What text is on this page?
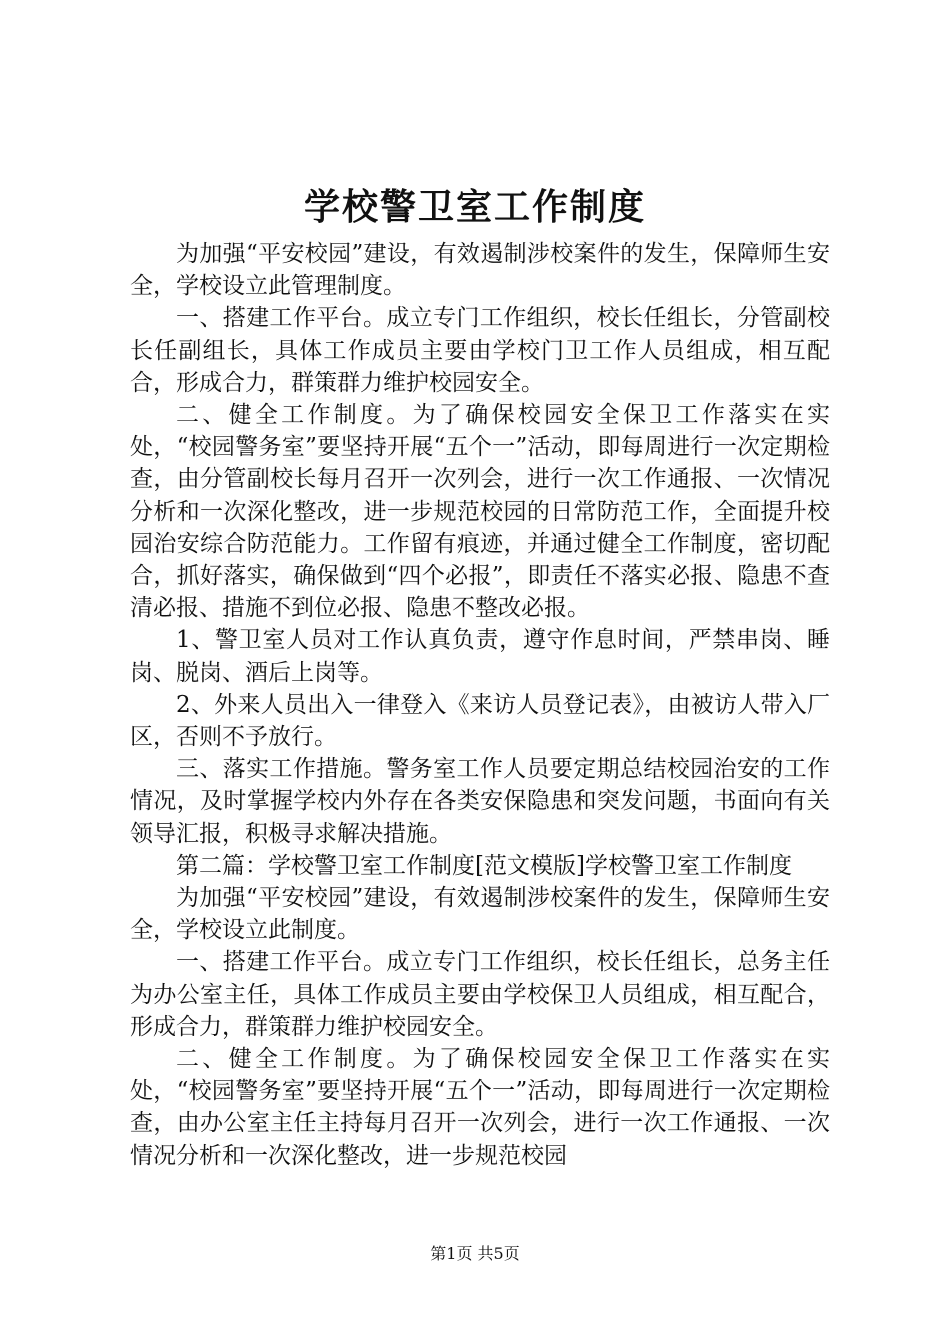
学校警卫室工作制度

为加强“平安校园”建设，有效遏制涉校案件的发生，保障师生安全，学校设立此管理制度。

一、搭建工作平台。成立专门工作组织，校长任组长，分管副校长任副组长，具体工作成员主要由学校门卫工作人员组成，相互配合，形成合力，群策群力维护校园安全。

二、健全工作制度。为了确保校园安全保卫工作落实在实处，“校园警务室”要坚持开展“五个一”活动，即每周进行一次定期检查，由分管副校长每月召开一次列会，进行一次工作通报、一次情况分析和一次深化整改，进一步规范校园的日常防范工作，全面提升校园治安综合防范能力。工作留有痕迹，并通过健全工作制度，密切配合，抓好落实，确保做到“四个必报”，即责任不落实必报、隐患不查清必报、措施不到位必报、隐患不整改必报。

1、警卫室人员对工作认真负责，遵守作息时间，严禁串岗、睡岗、脱岗、酒后上岗等。

2、外来人员出入一律登入《来访人员登记表》，由被访人带入厂区，否则不予放行。

三、落实工作措施。警务室工作人员要定期总结校园治安的工作情况，及时掌握学校内外存在各类安保隐患和突发问题，书面向有关领导汇报，积极寻求解决措施。

第二篇：学校警卫室工作制度[范文模版]学校警卫室工作制度

为加强“平安校园”建设，有效遏制涉校案件的发生，保障师生安全，学校设立此制度。

一、搭建工作平台。成立专门工作组织，校长任组长，总务主任为办公室主任，具体工作成员主要由学校保卫人员组成，相互配合，形成合力，群策群力维护校园安全。

二、健全工作制度。为了确保校园安全保卫工作落实在实处，“校园警务室”要坚持开展“五个一”活动，即每周进行一次定期检查，由办公室主任主持每月召开一次列会，进行一次工作通报、一次情况分析和一次深化整改，进一步规范校园

第1页 共5页
